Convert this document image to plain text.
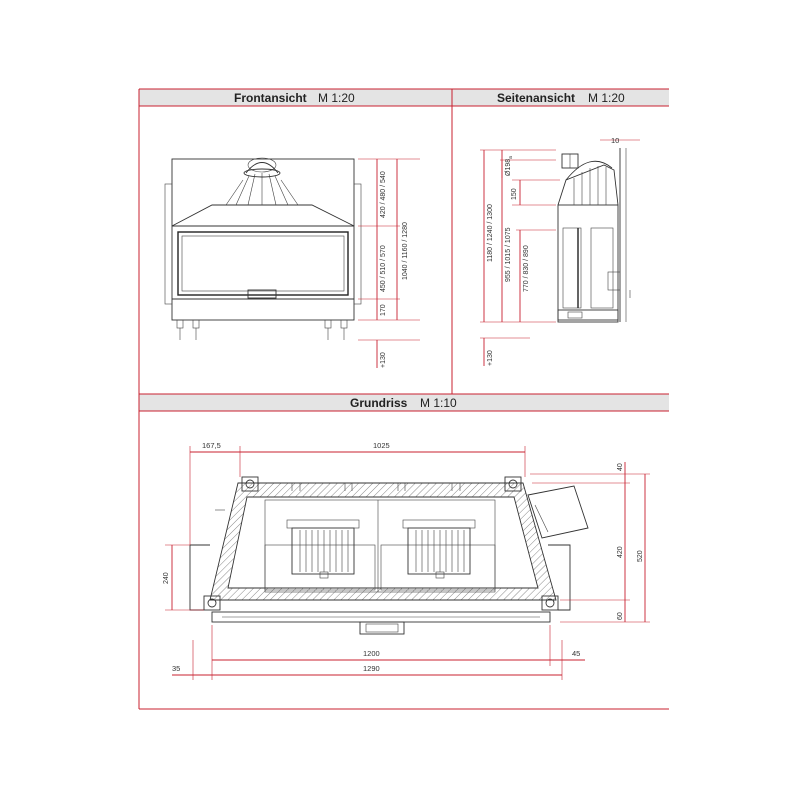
Frontansicht M 1:20	Seitenansicht M 1:20
Grundriss M 1:10
420 / 480 / 540
450 / 510 / 570
170
1040 / 1160 / 1280
+130
1180 / 1240 / 1300 955 / 1015 / 1075 770 / 830 / 890
$Ø198_a$
150
10
+130
167,5	1025
40
420 520
60
240
1200
1290
45
35
